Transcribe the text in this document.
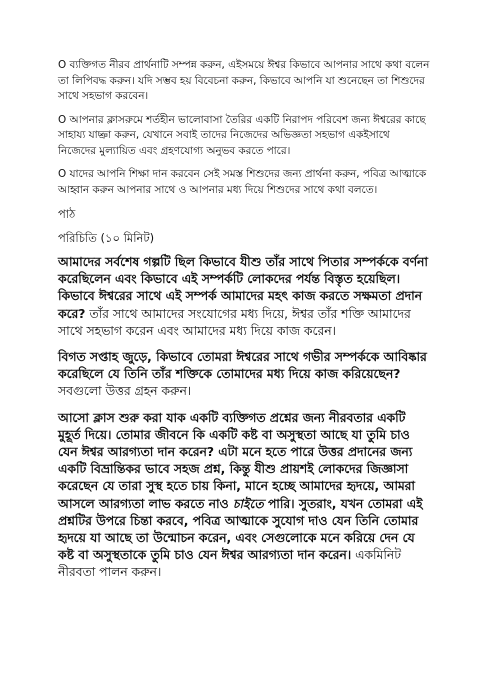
O ব্যক্তিগত নীরব প্রার্থনাটি সম্পন্ন করুন, এইসময়ে ঈশ্বর কিভাবে আপনার সাথে কথা বলেন তা লিপিবদ্ধ করুন। যদি সম্ভব হয় বিবেচনা করুন, কিভাবে আপনি যা শুনেছেন তা শিশুদের সাথে সহভাগ করবেন।

O আপনার ক্লাসরুমে শর্তহীন ভালোবাসা তৈরির একটি নিরাপদ পরিবেশ জন্য ঈশ্বরের কাছে সাহায্য যাচ্ঞা করুন, যেখানে সবাই তাদের নিজেদের অভিজ্ঞতা সহভাগ একইসাথে নিজেদের মুল্যায়িত এবং গ্রহণযোগ্য অনুভব করতে পারে।

O যাদের আপনি শিক্ষা দান করবেন সেই সমস্ত শিশুদের জন্য প্রার্থনা করুন, পবিত্র আত্মাকে আহ্বান করুন আপনার সাথে ও আপনার মধ্য দিয়ে শিশুদের সাথে কথা বলতে।

পাঠ

পরিচিতি (১০ মিনিট)

আমাদের সর্বশেষ গল্পটি ছিল কিভাবে যীশু তাঁর সাথে পিতার সম্পর্ককে বর্ণনা করেছিলেন এবং কিভাবে এই সম্পর্কটি লোকদের পর্যন্ত বিস্তৃত হয়েছিল। কিভাবে ঈশ্বরের সাথে এই সম্পর্ক আমাদের মহৎ কাজ করতে সক্ষমতা প্রদান করে? তাঁর সাথে আমাদের সংযোগের মধ্য দিয়ে, ঈশ্বর তাঁর শক্তি আমাদের সাথে সহভাগ করেন এবং আমাদের মধ্য দিয়ে কাজ করেন।

বিগত সপ্তাহ জুড়ে, কিভাবে তোমরা ঈশ্বরের সাথে গভীর সম্পর্ককে আবিষ্কার করেছিলে যে তিনি তাঁর শক্তিকে তোমাদের মধ্য দিয়ে কাজ করিয়েছেন? সবগুলো উত্তর গ্রহন করুন।

আসো ক্লাস শুরু করা যাক একটি ব্যক্তিগত প্রশ্নের জন্য নীরবতার একটি মুহূর্ত দিয়ে। তোমার জীবনে কি একটি কষ্ট বা অসুস্থতা আছে যা তুমি চাও যেন ঈশ্বর আরগ্যতা দান করেন? এটা মনে হতে পারে উত্তর প্রদানের জন্য একটি বিভ্রান্তিকর ভাবে সহজ প্রশ্ন, কিন্তু যীশু প্রায়শই লোকদের জিজ্ঞাসা করেছেন যে তারা সুস্থ হতে চায় কিনা, মানে হচ্ছে আমাদের হৃদয়ে, আমরা আসলে আরগ্যতা লাভ করতে নাও চাইতে পারি। সুতরাং, যখন তোমরা এই প্রশ্নটির উপরে চিন্তা করবে, পবিত্র আত্মাকে সুযোগ দাও যেন তিনি তোমার হৃদয়ে যা আছে তা উন্মোচন করেন, এবং সেগুলোকে মনে করিয়ে দেন যে কষ্ট বা অসুস্থতাকে তুমি চাও যেন ঈশ্বর আরগ্যতা দান করেন। একমিনিট নীরবতা পালন করুন।
